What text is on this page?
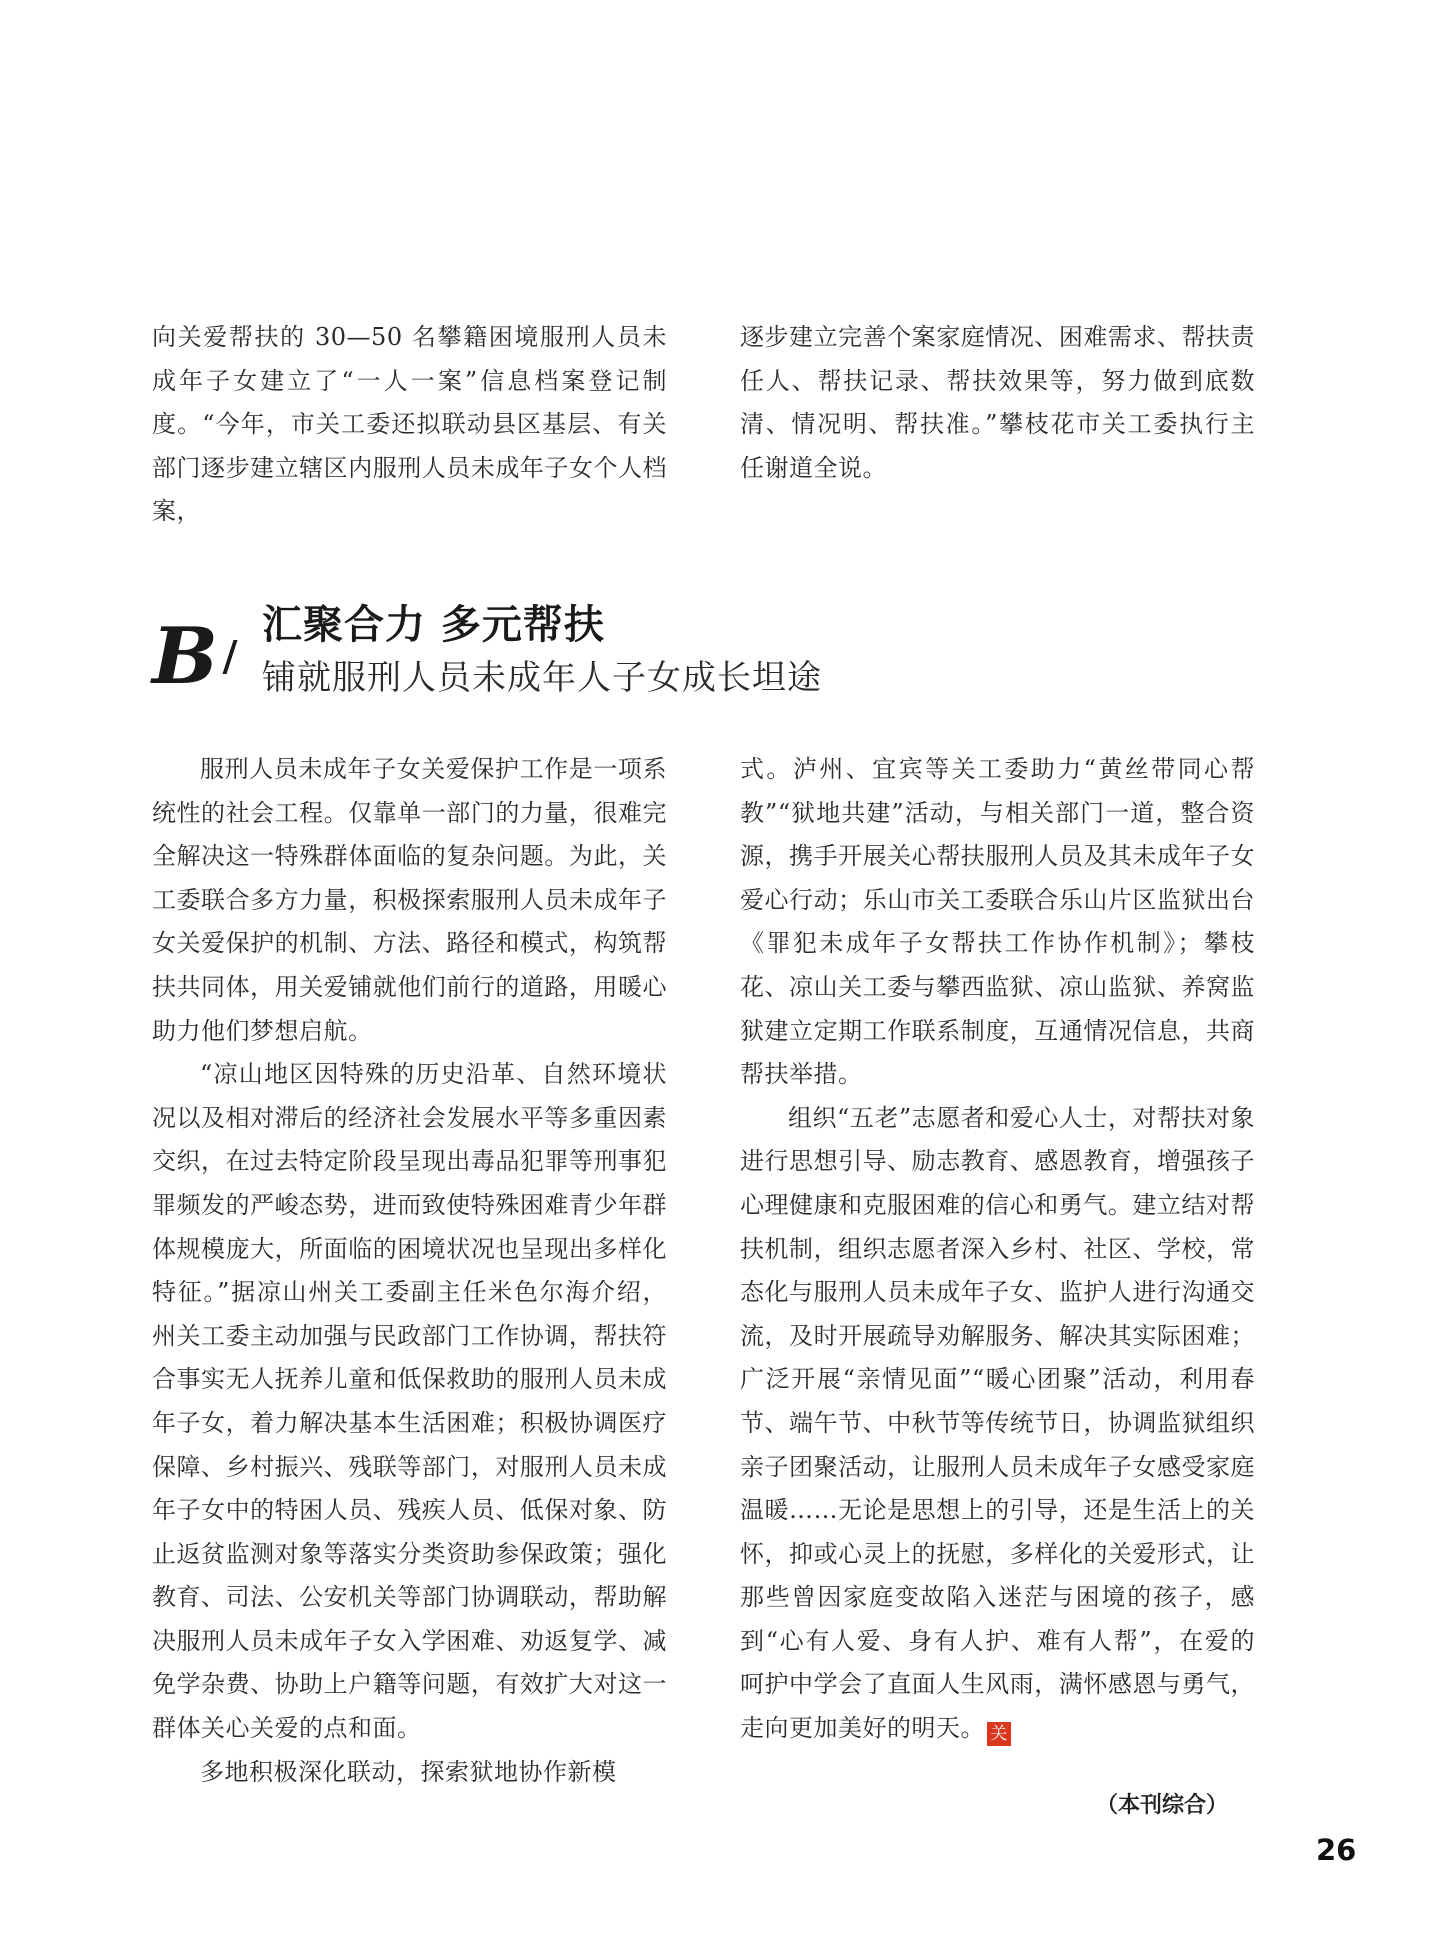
向关爱帮扶的 30—50 名攀籍困境服刑人员未成年子女建立了“一人一案”信息档案登记制度。“今年，市关工委还拟联动县区基层、有关部门逐步建立辖区内服刑人员未成年子女个人档案，

逐步建立完善个案家庭情况、困难需求、帮扶责任人、帮扶记录、帮扶效果等，努力做到底数清、情况明、帮扶准。”攀枝花市关工委执行主任谢道全说。

B 汇聚合力 多元帮扶
铺就服刑人员未成年人子女成长坦途

服刑人员未成年子女关爱保护工作是一项系统性的社会工程。仅靠单一部门的力量，很难完全解决这一特殊群体面临的复杂问题。为此，关工委联合多方力量，积极探索服刑人员未成年子女关爱保护的机制、方法、路径和模式，构筑帮扶共同体，用关爱铺就他们前行的道路，用暖心助力他们梦想启航。

“凉山地区因特殊的历史沿革、自然环境状况以及相对滞后的经济社会发展水平等多重因素交织，在过去特定阶段呈现出毒品犯罪等刑事犯罪频发的严峻态势，进而致使特殊困难青少年群体规模庞大，所面临的困境状况也呈现出多样化特征。”据凉山州关工委副主任米色尔海介绍，州关工委主动加强与民政部门工作协调，帮扶符合事实无人抚养儿童和低保救助的服刑人员未成年子女，着力解决基本生活困难；积极协调医疗保障、乡村振兴、残联等部门，对服刑人员未成年子女中的特困人员、残疾人员、低保对象、防止返贫监测对象等落实分类资助参保政策；强化教育、司法、公安机关等部门协调联动，帮助解决服刑人员未成年子女入学困难、劝返复学、减免学杂费、协助上户籍等问题，有效扩大对这一群体关心关爱的点和面。

多地积极深化联动，探索狱地协作新模

式。泸州、宜宾等关工委助力“黄丝带同心帮教”“狱地共建”活动，与相关部门一道，整合资源，携手开展关心帮扶服刑人员及其未成年子女爱心行动；乐山市关工委联合乐山片区监狱出台《罪犯未成年子女帮扶工作协作机制》；攀枝花、凉山关工委与攀西监狱、凉山监狱、养窝监狱建立定期工作联系制度，互通情况信息，共商帮扶举措。

组织“五老”志愿者和爱心人士，对帮扶对象进行思想引导、励志教育、感恩教育，增强孩子心理健康和克服困难的信心和勇气。建立结对帮扶机制，组织志愿者深入乡村、社区、学校，常态化与服刑人员未成年子女、监护人进行沟通交流，及时开展疏导劝解服务、解决其实际困难；广泛开展“亲情见面”“暖心团聚”活动，利用春节、端午节、中秋节等传统节日，协调监狱组织亲子团聚活动，让服刑人员未成年子女感受家庭温暖……无论是思想上的引导，还是生活上的关怀，抑或心灵上的抚慰，多样化的关爱形式，让那些曾因家庭变故陷入迷茫与困境的孩子，感到“心有人爱、身有人护、难有人帮”，在爱的呵护中学会了直面人生风雨，满怀感恩与勇气，走向更加美好的明天。 关

（本刊综合）
26
